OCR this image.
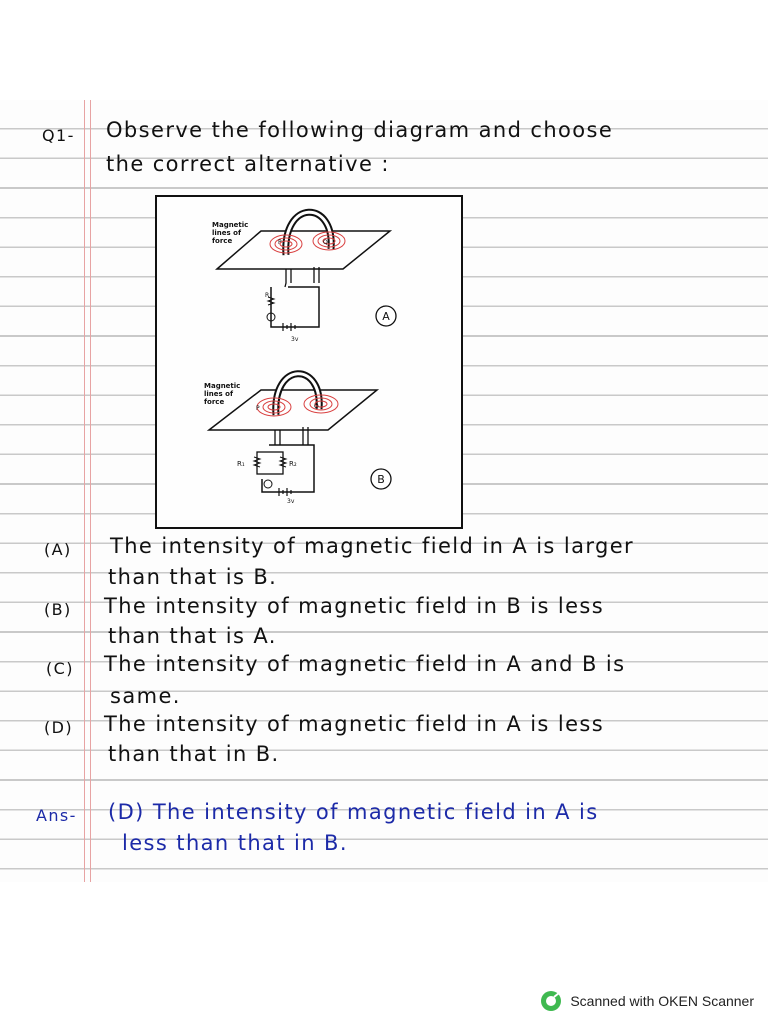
Q1- Observe the following diagram and choose
the correct alternative :
R
3v
P	Q
Magnetic
lines of
force
A
R₁	R₂
3v
P	Q
Magnetic
lines of
force
B
(A) The intensity of magnetic field in A is larger
than that is B.
(B) The intensity of magnetic field in B is less
than that is A.
(C) The intensity of magnetic field in A and B is
same.
(D) The intensity of magnetic field in A is less
than that in B.
Ans- (D) The intensity of magnetic field in A is
less than that in B.
Scanned with OKEN Scanner
